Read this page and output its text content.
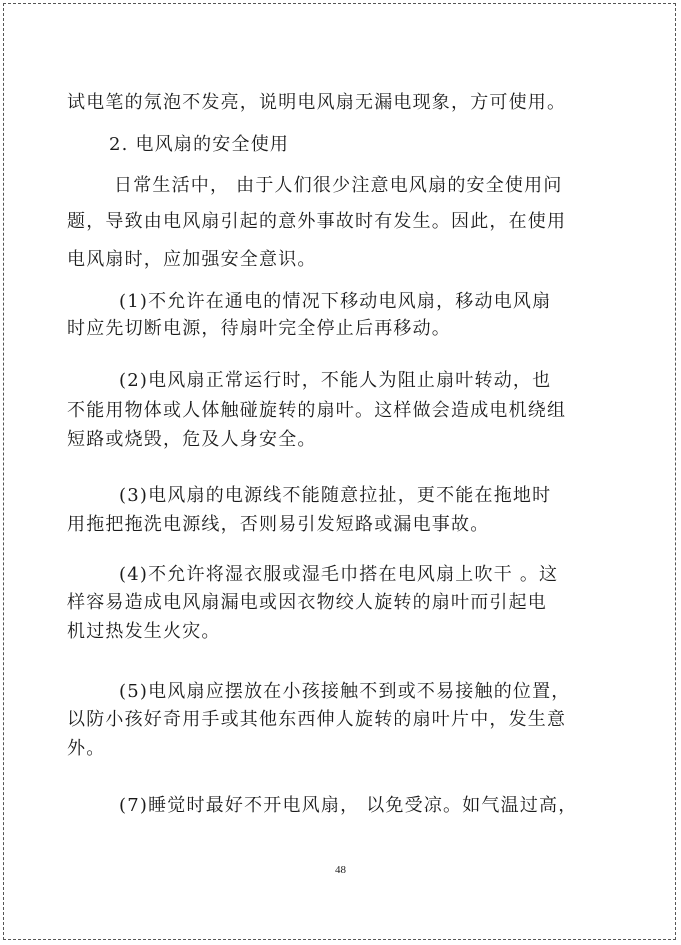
试电笔的氖泡不发亮，说明电风扇无漏电现象，方可使用。
2. 电风扇的安全使用
日常生活中， 由于人们很少注意电风扇的安全使用问
题，导致由电风扇引起的意外事故时有发生。因此，在使用
电风扇时，应加强安全意识。
(1)不允许在通电的情况下移动电风扇，移动电风扇
时应先切断电源，待扇叶完全停止后再移动。
(2)电风扇正常运行时，不能人为阻止扇叶转动，也
不能用物体或人体触碰旋转的扇叶。这样做会造成电机绕组
短路或烧毁，危及人身安全。
(3)电风扇的电源线不能随意拉扯，更不能在拖地时
用拖把拖洗电源线，否则易引发短路或漏电事故。
(4)不允许将湿衣服或湿毛巾搭在电风扇上吹干 。这
样容易造成电风扇漏电或因衣物绞人旋转的扇叶而引起电
机过热发生火灾。
(5)电风扇应摆放在小孩接触不到或不易接触的位置，
以防小孩好奇用手或其他东西伸人旋转的扇叶片中，发生意
外。
(7)睡觉时最好不开电风扇， 以免受凉。如气温过高，
48
